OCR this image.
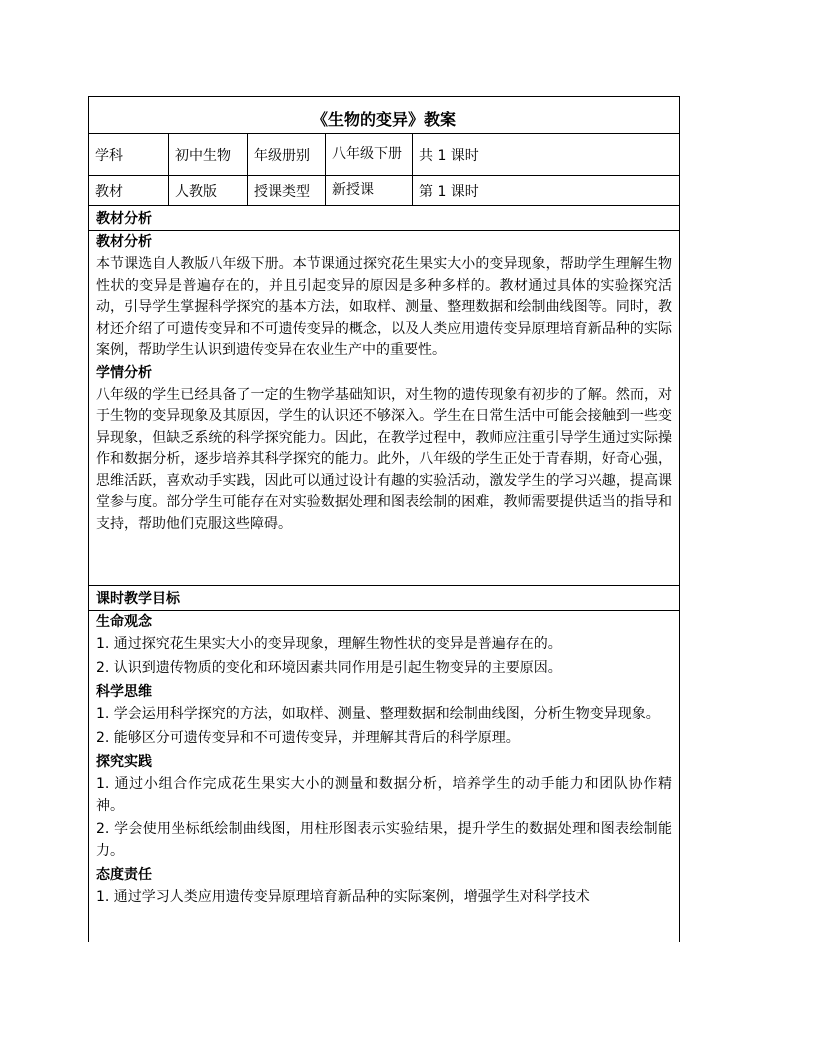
《生物的变异》教案
学科	初中生物	年级册别	八年级下册	共 1 课时
教材	人教版	授课类型	新授课	第 1 课时
教材分析
教材分析

本节课选自人教版八年级下册。本节课通过探究花生果实大小的变异现象，帮助学生理解生物性状的变异是普遍存在的，并且引起变异的原因是多种多样的。教材通过具体的实验探究活动，引导学生掌握科学探究的基本方法，如取样、测量、整理数据和绘制曲线图等。同时，教材还介绍了可遗传变异和不可遗传变异的概念，以及人类应用遗传变异原理培育新品种的实际案例，帮助学生认识到遗传变异在农业生产中的重要性。

学情分析

八年级的学生已经具备了一定的生物学基础知识，对生物的遗传现象有初步的了解。然而，对于生物的变异现象及其原因，学生的认识还不够深入。学生在日常生活中可能会接触到一些变异现象，但缺乏系统的科学探究能力。因此，在教学过程中，教师应注重引导学生通过实际操作和数据分析，逐步培养其科学探究的能力。此外，八年级的学生正处于青春期，好奇心强，思维活跃，喜欢动手实践，因此可以通过设计有趣的实验活动，激发学生的学习兴趣，提高课堂参与度。部分学生可能存在对实验数据处理和图表绘制的困难，教师需要提供适当的指导和支持，帮助他们克服这些障碍。

课时教学目标
生命观念

1. 通过探究花生果实大小的变异现象，理解生物性状的变异是普遍存在的。

2. 认识到遗传物质的变化和环境因素共同作用是引起生物变异的主要原因。

科学思维

1. 学会运用科学探究的方法，如取样、测量、整理数据和绘制曲线图，分析生物变异现象。

2. 能够区分可遗传变异和不可遗传变异，并理解其背后的科学原理。

探究实践

1. 通过小组合作完成花生果实大小的测量和数据分析，培养学生的动手能力和团队协作精神。

2. 学会使用坐标纸绘制曲线图，用柱形图表示实验结果，提升学生的数据处理和图表绘制能力。

态度责任

1. 通过学习人类应用遗传变异原理培育新品种的实际案例，增强学生对科学技术
